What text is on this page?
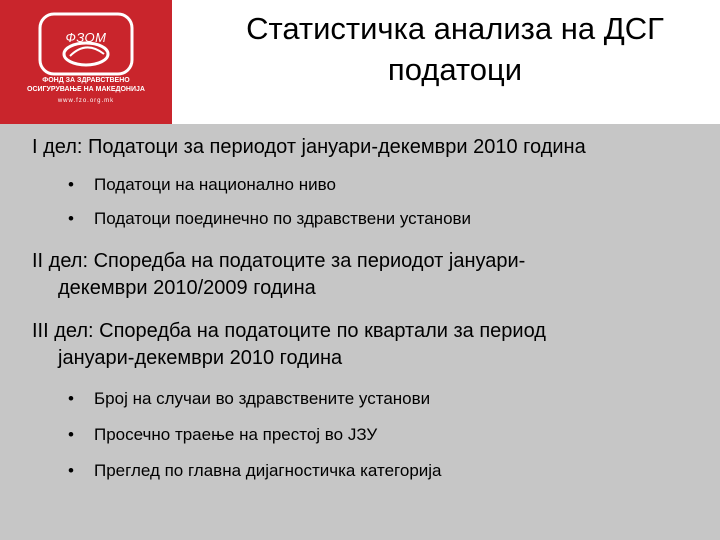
ФЗОМ
ФОНД ЗА ЗДРАВСТВЕНО
ОСИГУРУВАЊЕ НА МАКЕДОНИЈА
www.fzo.org.mk
Статистичка анализа на ДСГ
податоци
I дел: Податоци за периодот јануари-декември 2010 година
• Податоци на национално ниво
• Податоци поединечно по здравствени установи
II дел: Споредба на податоците за периодот јануари-
декември 2010/2009 година
III дел: Споредба на податоците по квартали за период
јануари-декември 2010 година
• Број на случаи во здравствените установи
• Просечно траење на престој во ЈЗУ
• Преглед по главна дијагностичка категорија
